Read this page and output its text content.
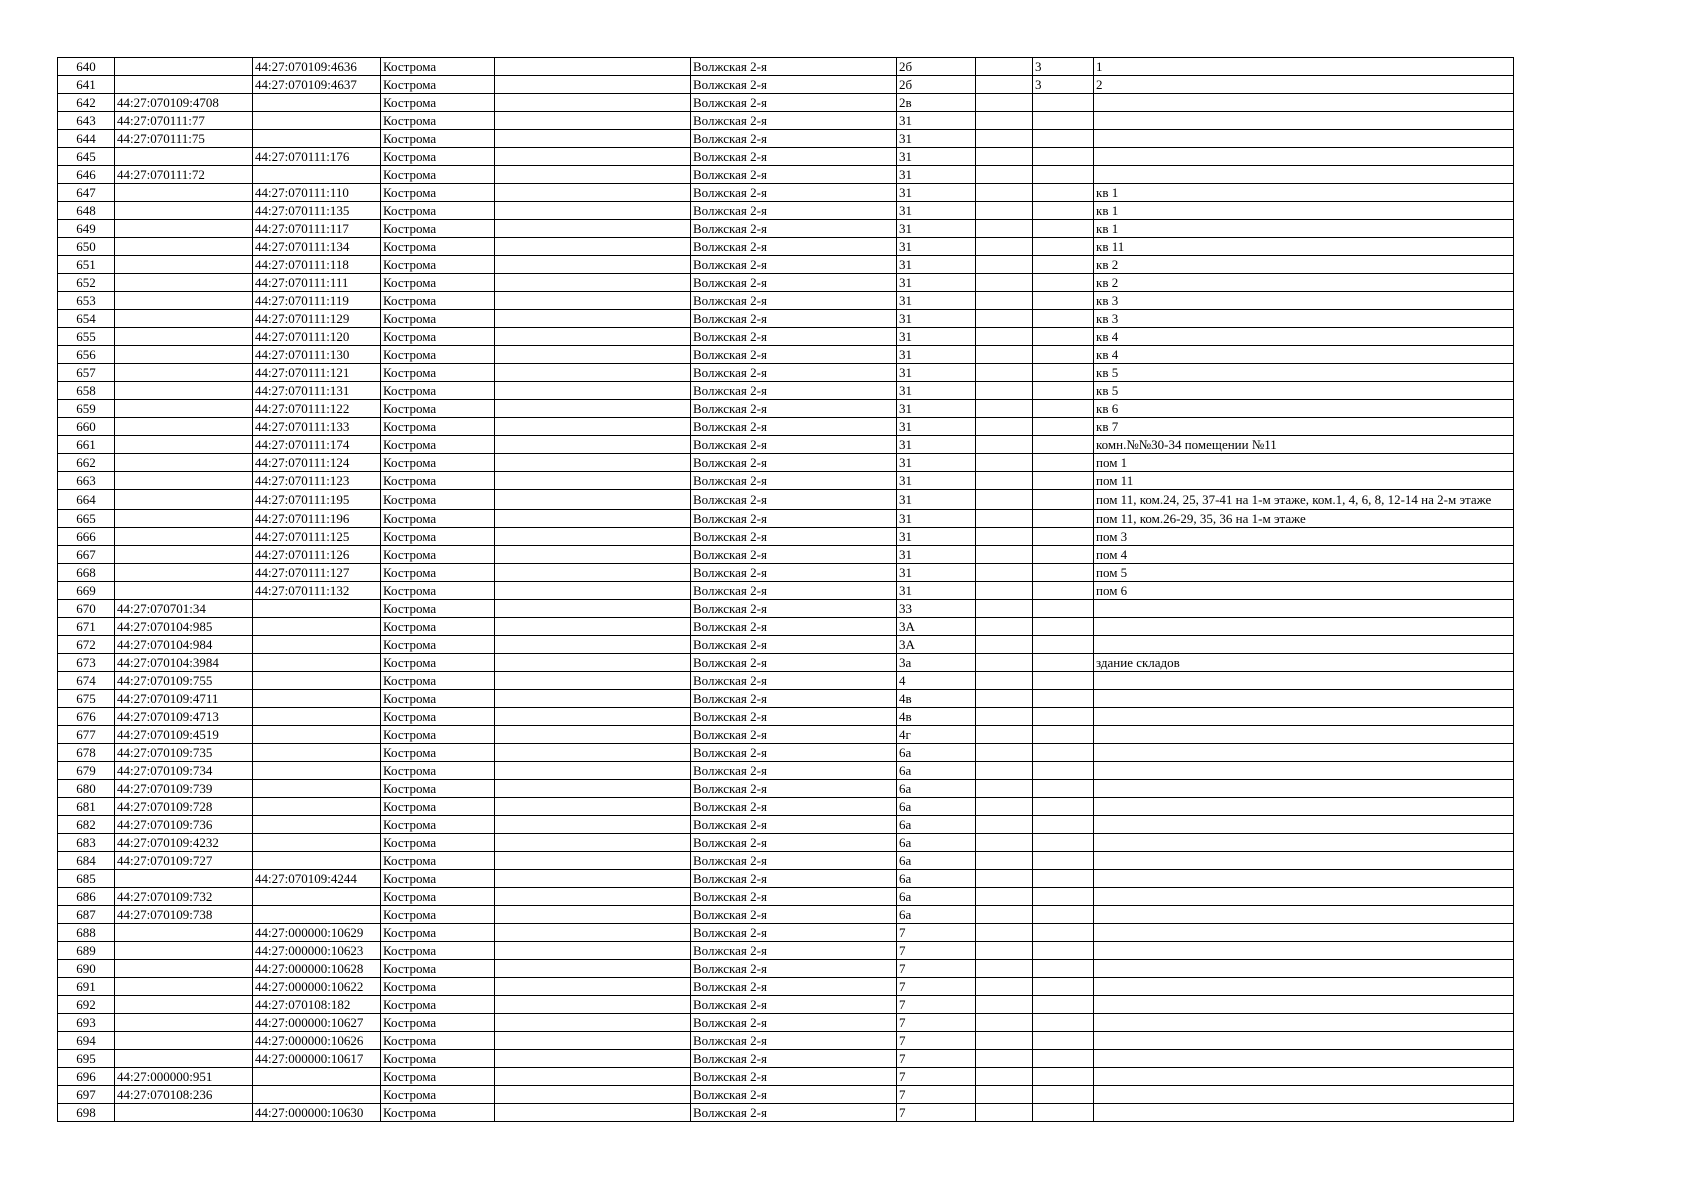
640		44:27:070109:4636	Кострома		Волжская 2-я	2б		3	1
641		44:27:070109:4637	Кострома		Волжская 2-я	2б		3	2
642	44:27:070109:4708		Кострома		Волжская 2-я	2в			
643	44:27:070111:77		Кострома		Волжская 2-я	31			
644	44:27:070111:75		Кострома		Волжская 2-я	31			
645		44:27:070111:176	Кострома		Волжская 2-я	31			
646	44:27:070111:72		Кострома		Волжская 2-я	31			
647		44:27:070111:110	Кострома		Волжская 2-я	31			кв 1
648		44:27:070111:135	Кострома		Волжская 2-я	31			кв 1
649		44:27:070111:117	Кострома		Волжская 2-я	31			кв 1
650		44:27:070111:134	Кострома		Волжская 2-я	31			кв 11
651		44:27:070111:118	Кострома		Волжская 2-я	31			кв 2
652		44:27:070111:111	Кострома		Волжская 2-я	31			кв 2
653		44:27:070111:119	Кострома		Волжская 2-я	31			кв 3
654		44:27:070111:129	Кострома		Волжская 2-я	31			кв 3
655		44:27:070111:120	Кострома		Волжская 2-я	31			кв 4
656		44:27:070111:130	Кострома		Волжская 2-я	31			кв 4
657		44:27:070111:121	Кострома		Волжская 2-я	31			кв 5
658		44:27:070111:131	Кострома		Волжская 2-я	31			кв 5
659		44:27:070111:122	Кострома		Волжская 2-я	31			кв 6
660		44:27:070111:133	Кострома		Волжская 2-я	31			кв 7
661		44:27:070111:174	Кострома		Волжская 2-я	31			комн.№№30-34 помещении №11
662		44:27:070111:124	Кострома		Волжская 2-я	31			пом 1
663		44:27:070111:123	Кострома		Волжская 2-я	31			пом 11
664		44:27:070111:195	Кострома		Волжская 2-я	31			пом 11, ком.24, 25, 37-41 на 1-м этаже, ком.1, 4, 6, 8, 12-14 на 2-м этаже
665		44:27:070111:196	Кострома		Волжская 2-я	31			пом 11, ком.26-29, 35, 36 на 1-м этаже
666		44:27:070111:125	Кострома		Волжская 2-я	31			пом 3
667		44:27:070111:126	Кострома		Волжская 2-я	31			пом 4
668		44:27:070111:127	Кострома		Волжская 2-я	31			пом 5
669		44:27:070111:132	Кострома		Волжская 2-я	31			пом 6
670	44:27:070701:34		Кострома		Волжская 2-я	33			
671	44:27:070104:985		Кострома		Волжская 2-я	3А			
672	44:27:070104:984		Кострома		Волжская 2-я	3А			
673	44:27:070104:3984		Кострома		Волжская 2-я	3а			здание складов
674	44:27:070109:755		Кострома		Волжская 2-я	4			
675	44:27:070109:4711		Кострома		Волжская 2-я	4в			
676	44:27:070109:4713		Кострома		Волжская 2-я	4в			
677	44:27:070109:4519		Кострома		Волжская 2-я	4г			
678	44:27:070109:735		Кострома		Волжская 2-я	6а			
679	44:27:070109:734		Кострома		Волжская 2-я	6а			
680	44:27:070109:739		Кострома		Волжская 2-я	6а			
681	44:27:070109:728		Кострома		Волжская 2-я	6а			
682	44:27:070109:736		Кострома		Волжская 2-я	6а			
683	44:27:070109:4232		Кострома		Волжская 2-я	6а			
684	44:27:070109:727		Кострома		Волжская 2-я	6а			
685		44:27:070109:4244	Кострома		Волжская 2-я	6а			
686	44:27:070109:732		Кострома		Волжская 2-я	6а			
687	44:27:070109:738		Кострома		Волжская 2-я	6а			
688		44:27:000000:10629	Кострома		Волжская 2-я	7			
689		44:27:000000:10623	Кострома		Волжская 2-я	7			
690		44:27:000000:10628	Кострома		Волжская 2-я	7			
691		44:27:000000:10622	Кострома		Волжская 2-я	7			
692		44:27:070108:182	Кострома		Волжская 2-я	7			
693		44:27:000000:10627	Кострома		Волжская 2-я	7			
694		44:27:000000:10626	Кострома		Волжская 2-я	7			
695		44:27:000000:10617	Кострома		Волжская 2-я	7			
696	44:27:000000:951		Кострома		Волжская 2-я	7			
697	44:27:070108:236		Кострома		Волжская 2-я	7			
698		44:27:000000:10630	Кострома		Волжская 2-я	7			
